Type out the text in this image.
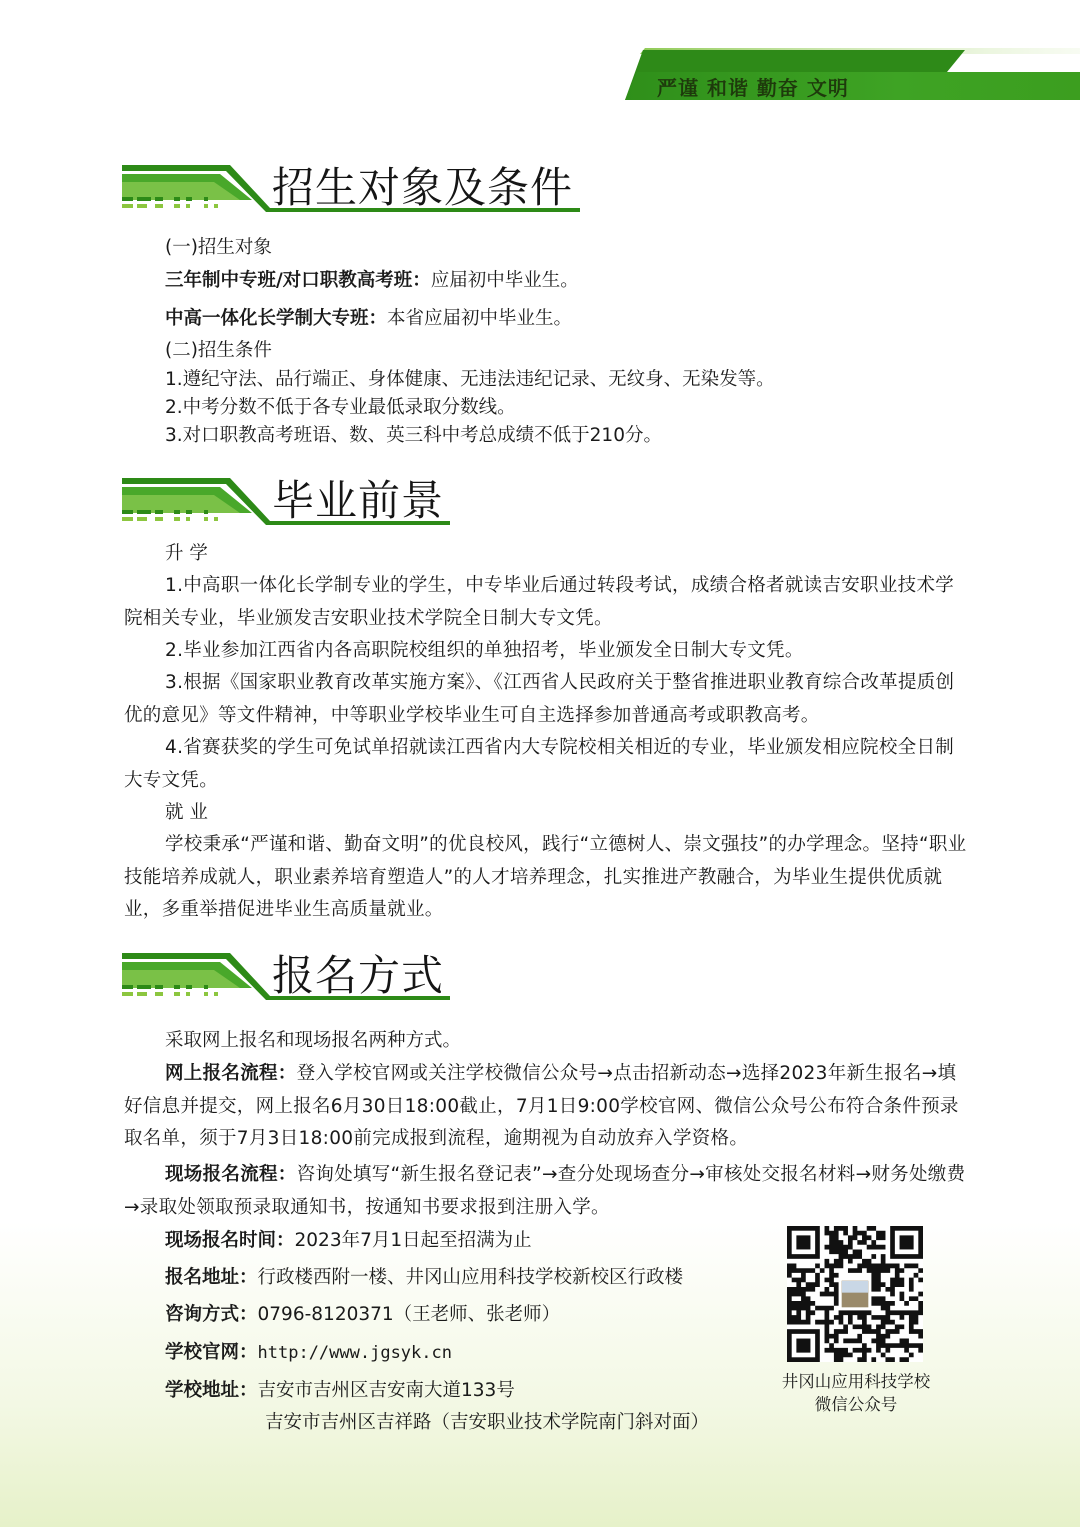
严谨 和谐 勤奋 文明
招生对象及条件
(一)招生对象
三年制中专班/对口职教高考班：应届初中毕业生。
中高一体化长学制大专班：本省应届初中毕业生。
(二)招生条件
1.遵纪守法、品行端正、身体健康、无违法违纪记录、无纹身、无染发等。
2.中考分数不低于各专业最低录取分数线。
3.对口职教高考班语、数、英三科中考总成绩不低于210分。
毕业前景
升 学
1.中高职一体化长学制专业的学生，中专毕业后通过转段考试，成绩合格者就读吉安职业技术学院相关专业，毕业颁发吉安职业技术学院全日制大专文凭。
2.毕业参加江西省内各高职院校组织的单独招考，毕业颁发全日制大专文凭。
3.根据《国家职业教育改革实施方案》、《江西省人民政府关于整省推进职业教育综合改革提质创优的意见》等文件精神，中等职业学校毕业生可自主选择参加普通高考或职教高考。
4.省赛获奖的学生可免试单招就读江西省内大专院校相关相近的专业，毕业颁发相应院校全日制大专文凭。
就 业
学校秉承“严谨和谐、勤奋文明”的优良校风，践行“立德树人、崇文强技”的办学理念。坚持“职业技能培养成就人，职业素养培育塑造人”的人才培养理念，扎实推进产教融合，为毕业生提供优质就业，多重举措促进毕业生高质量就业。
报名方式
采取网上报名和现场报名两种方式。
网上报名流程：登入学校官网或关注学校微信公众号→点击招新动态→选择2023年新生报名→填好信息并提交，网上报名6月30日18:00截止，7月1日9:00学校官网、微信公众号公布符合条件预录取名单，须于7月3日18:00前完成报到流程，逾期视为自动放弃入学资格。
现场报名流程：咨询处填写“新生报名登记表”→查分处现场查分→审核处交报名材料→财务处缴费→录取处领取预录取通知书，按通知书要求报到注册入学。
现场报名时间：2023年7月1日起至招满为止
报名地址：行政楼西附一楼、井冈山应用科技学校新校区行政楼
咨询方式：0796-8120371（王老师、张老师）
学校官网：http://www.jgsyk.cn
学校地址：吉安市吉州区吉安南大道133号
吉安市吉州区吉祥路（吉安职业技术学院南门斜对面）
井冈山应用科技学校
微信公众号
